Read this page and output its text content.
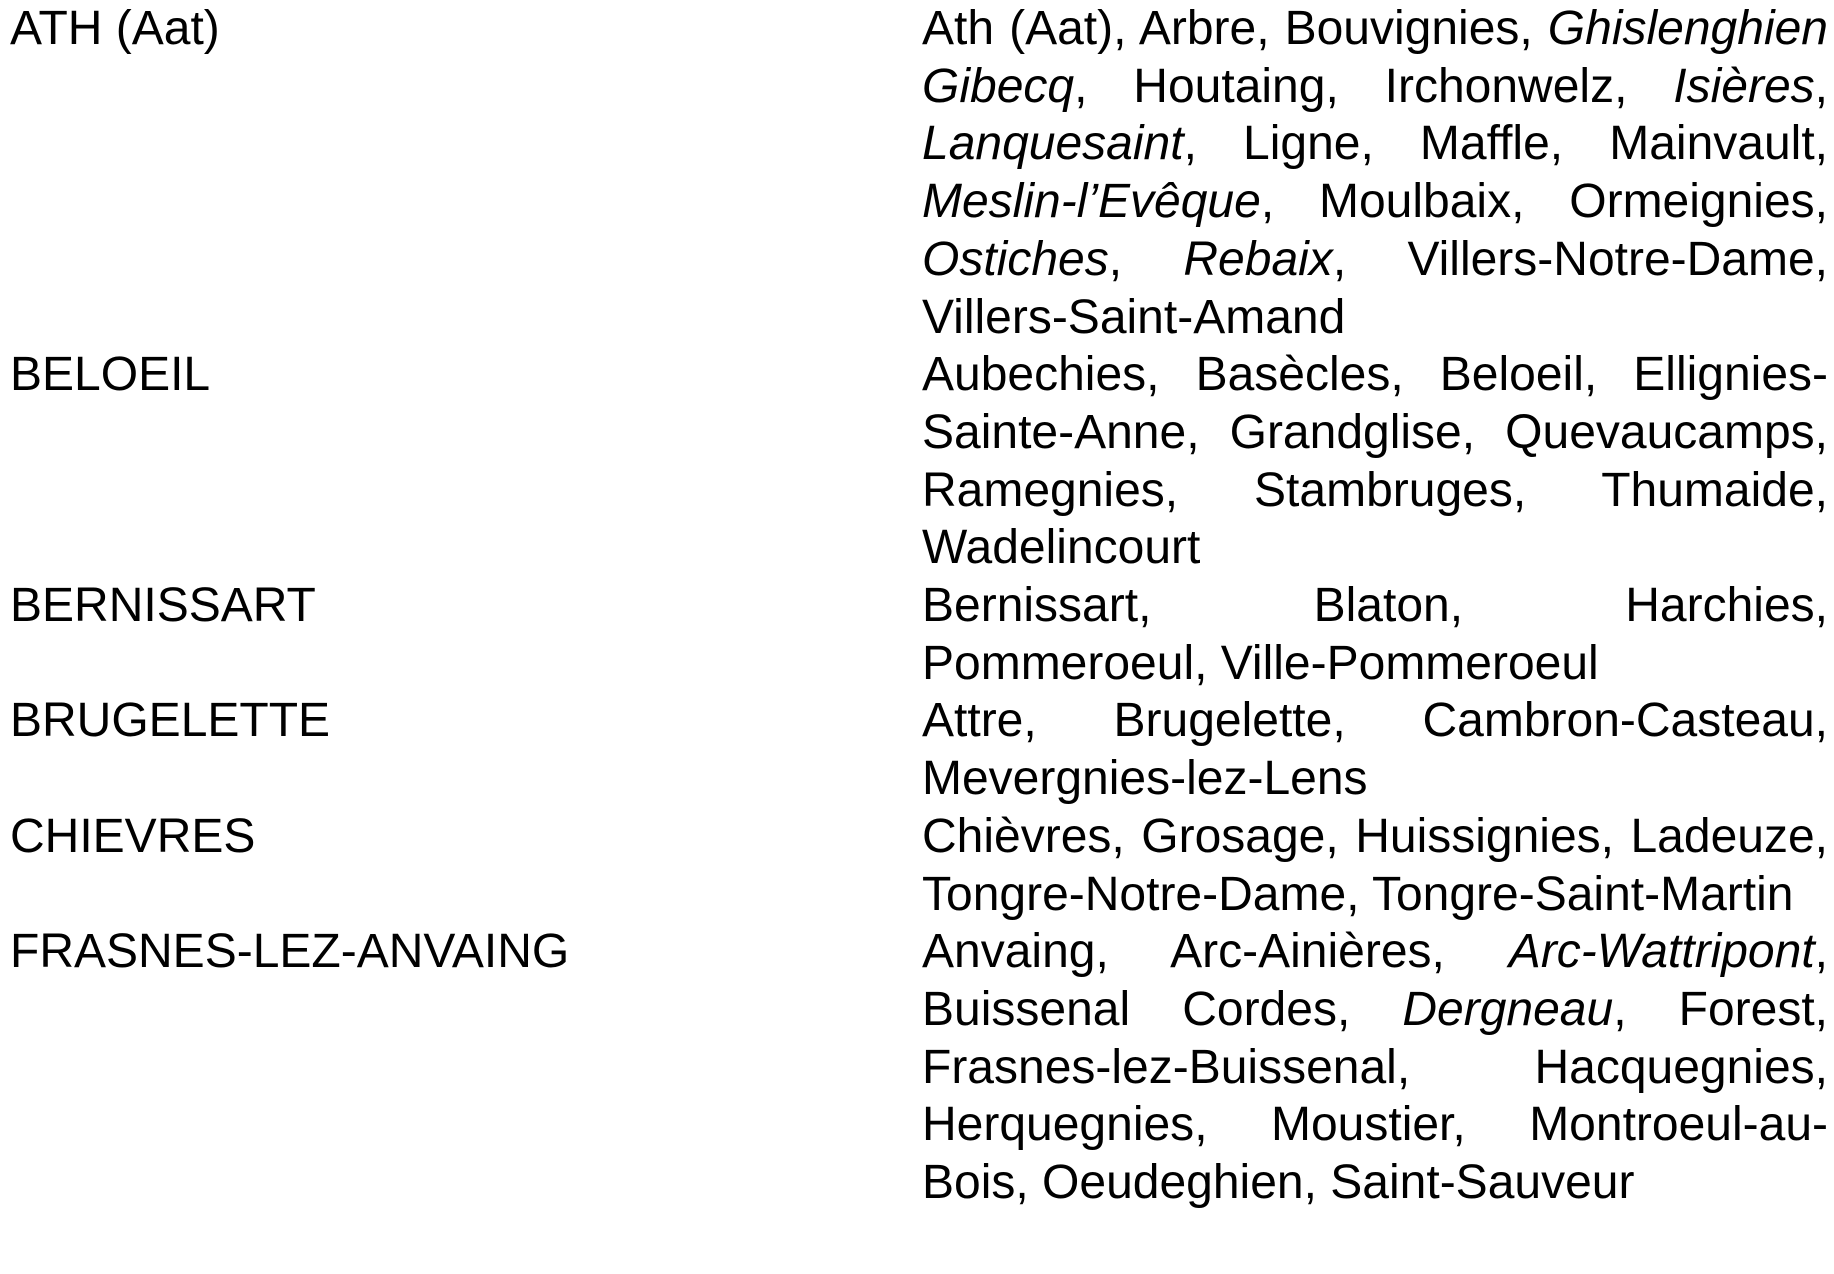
ATH (Aat)	Ath (Aat), Arbre, Bouvignies, Ghislenghien Gibecq, Houtaing, Irchonwelz, Isières, Lanquesaint, Ligne, Maffle, Mainvault, Meslin-l’Evêque, Moulbaix, Ormeignies, Ostiches, Rebaix, Villers-Notre-Dame, Villers-Saint-Amand
BELOEIL	Aubechies, Basècles, Beloeil, Ellignies-Sainte-Anne, Grandglise, Quevaucamps, Ramegnies, Stambruges, Thumaide, Wadelincourt
BERNISSART	Bernissart, Blaton, Harchies, Pommeroeul, Ville-Pommeroeul
BRUGELETTE	Attre, Brugelette, Cambron-Casteau, Mevergnies-lez-Lens
CHIEVRES	Chièvres, Grosage, Huissignies, Ladeuze, Tongre-Notre-Dame, Tongre-Saint-Martin
FRASNES-LEZ-ANVAING	Anvaing, Arc-Ainières, Arc-Wattripont, Buissenal Cordes, Dergneau, Forest, Frasnes-lez-Buissenal, Hacquegnies, Herquegnies, Moustier, Montroeul-au-Bois, Oeudeghien, Saint-Sauveur
